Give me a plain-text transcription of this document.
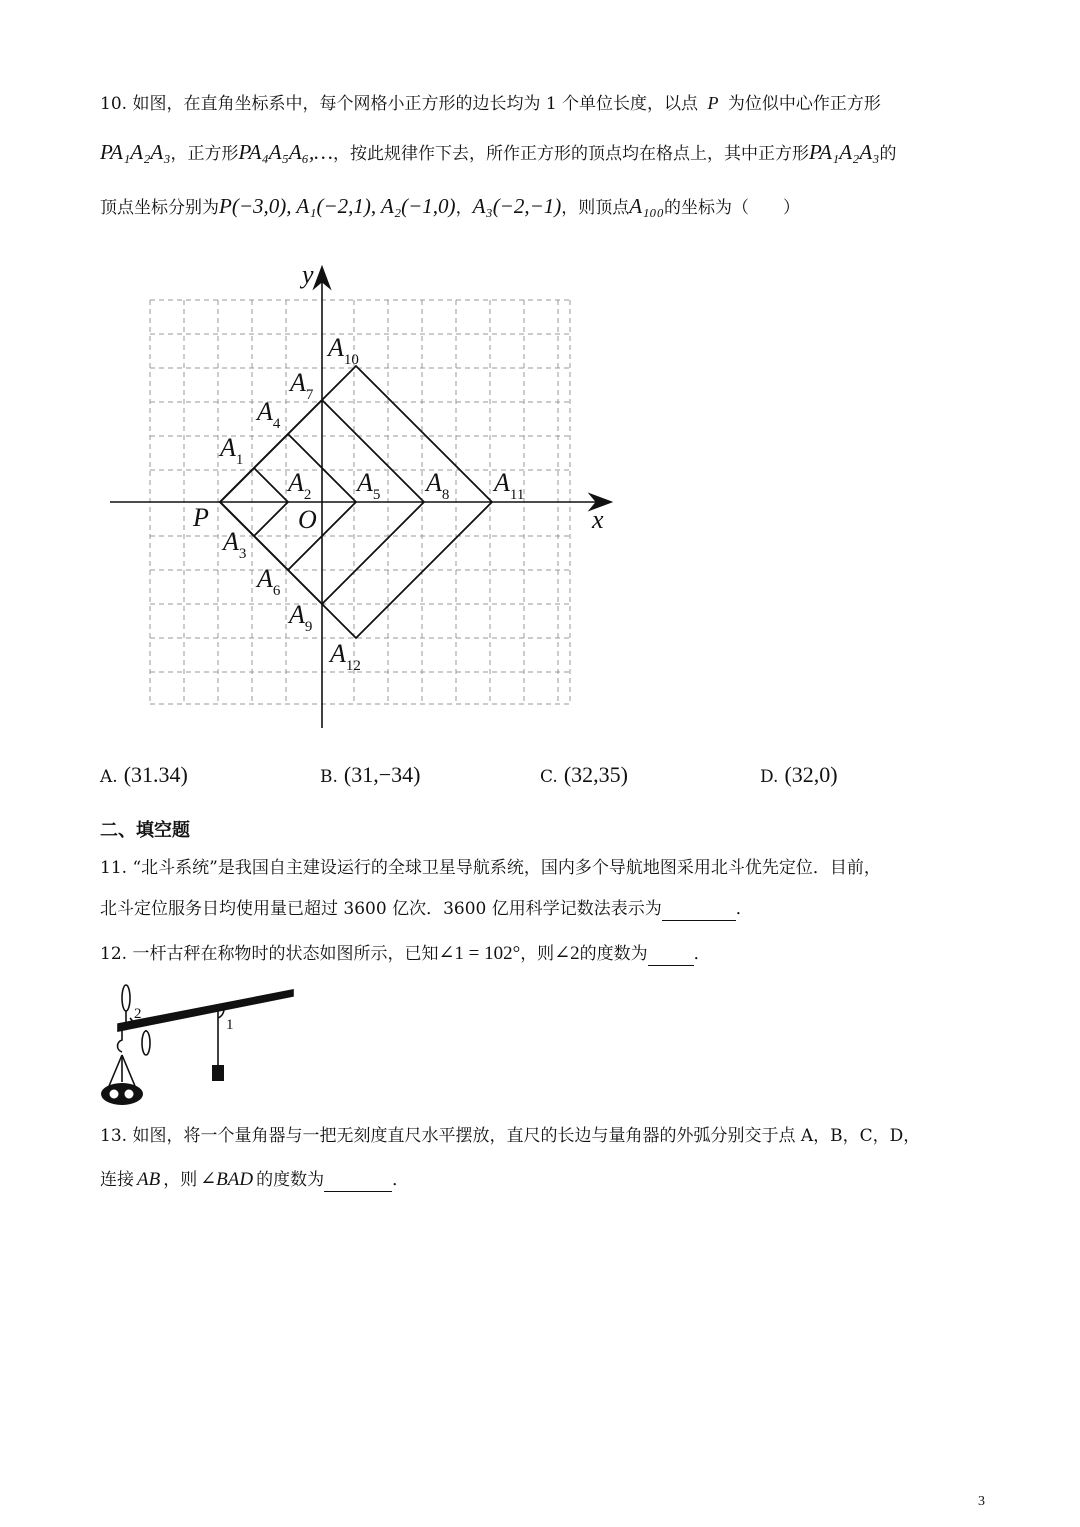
10. 如图，在直角坐标系中，每个网格小正方形的边长均为 1 个单位长度，以点 P 为位似中心作正方形
PA₁A₂A₃，正方形PA₄A₅A₆,…，按此规律作下去，所作正方形的顶点均在格点上，其中正方形PA₁A₂A₃的
顶点坐标分别为P(−3,0), A₁(−2,1), A₂(−1,0)，A₃(−2,−1)，则顶点A₁₀₀的坐标为（　　）
x
y
O
P
$A_1$
$A_2$
$A_3$
$A_4$
$A_5$
$A_6$
$A_7$
$A_8$
$A_9$
$A_{10}$
$A_{11}$
$A_{12}$
A. (31.34)	B. (31,−34)	C. (32,35)	D. (32,0)
二、填空题
11. “北斗系统”是我国自主建设运行的全球卫星导航系统，国内多个导航地图采用北斗优先定位．目前，
北斗定位服务日均使用量已超过 3600 亿次．3600 亿用科学记数法表示为	．
12. 一杆古秤在称物时的状态如图所示，已知∠1 = 102°，则∠2的度数为	．
1
2
13. 如图，将一个量角器与一把无刻度直尺水平摆放，直尺的长边与量角器的外弧分别交于点 A，B，C，D，
连接 AB ，则 ∠BAD 的度数为	．
3
